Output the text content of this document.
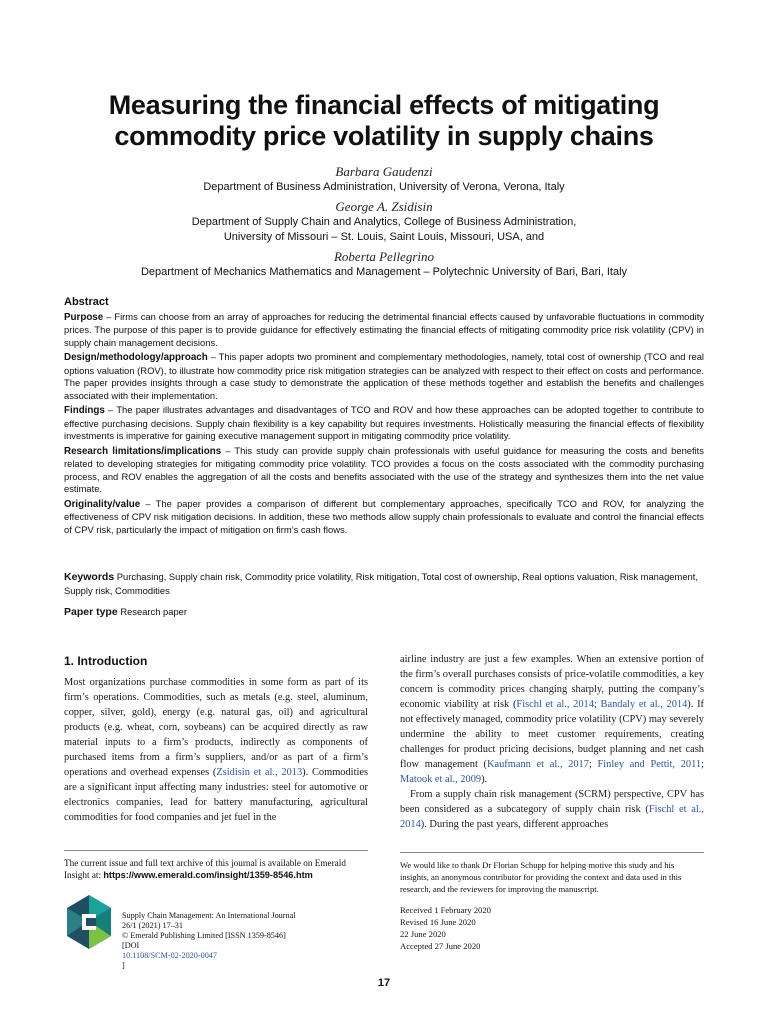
Measuring the financial effects of mitigating
commodity price volatility in supply chains
Barbara Gaudenzi
Department of Business Administration, University of Verona, Verona, Italy
George A. Zsidisin
Department of Supply Chain and Analytics, College of Business Administration,
University of Missouri – St. Louis, Saint Louis, Missouri, USA, and
Roberta Pellegrino
Department of Mechanics Mathematics and Management – Polytechnic University of Bari, Bari, Italy
Abstract

Purpose – Firms can choose from an array of approaches for reducing the detrimental financial effects caused by unfavorable fluctuations in commodity prices. The purpose of this paper is to provide guidance for effectively estimating the financial effects of mitigating commodity price risk volatility (CPV) in supply chain management decisions.

Design/methodology/approach – This paper adopts two prominent and complementary methodologies, namely, total cost of ownership (TCO and real options valuation (ROV), to illustrate how commodity price risk mitigation strategies can be analyzed with respect to their effect on costs and performance. The paper provides insights through a case study to demonstrate the application of these methods together and establish the benefits and challenges associated with their implementation.

Findings – The paper illustrates advantages and disadvantages of TCO and ROV and how these approaches can be adopted together to contribute to effective purchasing decisions. Supply chain flexibility is a key capability but requires investments. Holistically measuring the financial effects of flexibility investments is imperative for gaining executive management support in mitigating commodity price volatility.

Research limitations/implications – This study can provide supply chain professionals with useful guidance for measuring the costs and benefits related to developing strategies for mitigating commodity price volatility. TCO provides a focus on the costs associated with the commodity purchasing process, and ROV enables the aggregation of all the costs and benefits associated with the use of the strategy and synthesizes them into the net value estimate.

Originality/value – The paper provides a comparison of different but complementary approaches, specifically TCO and ROV, for analyzing the effectiveness of CPV risk mitigation decisions. In addition, these two methods allow supply chain professionals to evaluate and control the financial effects of CPV risk, particularly the impact of mitigation on firm’s cash flows.

Keywords Purchasing, Supply chain risk, Commodity price volatility, Risk mitigation, Total cost of ownership, Real options valuation, Risk management, Supply risk, Commodities
Paper type Research paper
1. Introduction

Most organizations purchase commodities in some form as part of its firm’s operations. Commodities, such as metals (e.g. steel, aluminum, copper, silver, gold), energy (e.g. natural gas, oil) and agricultural products (e.g. wheat, corn, soybeans) can be acquired directly as raw material inputs to a firm’s products, indirectly as components of purchased items from a firm’s suppliers, and/or as part of a firm’s operations and overhead expenses (Zsidisin et al., 2013). Commodities are a significant input affecting many industries: steel for automotive or electronics companies, lead for battery manufacturing, agricultural commodities for food companies and jet fuel in the

airline industry are just a few examples. When an extensive portion of the firm’s overall purchases consists of price-volatile commodities, a key concern is commodity prices changing sharply, putting the company’s economic viability at risk (Fischl et al., 2014; Bandaly et al., 2014). If not effectively managed, commodity price volatility (CPV) may severely undermine the ability to meet customer requirements, creating challenges for product pricing decisions, budget planning and net cash flow management (Kaufmann et al., 2017; Finley and Pettit, 2011; Matook et al., 2009).

From a supply chain risk management (SCRM) perspective, CPV has been considered as a subcategory of supply chain risk (Fischl et al., 2014). During the past years, different approaches

The current issue and full text archive of this journal is available on Emerald Insight at: https://www.emerald.com/insight/1359-8546.htm
Supply Chain Management: An International Journal
26/1 (2021) 17–31
© Emerald Publishing Limited [ISSN 1359-8546]
[DOI
10.1108/SCM-02-2020-0047
]
We would like to thank Dr Florian Schupp for helping motive this study and his insights, an anonymous contributor for providing the context and data used in this research, and the reviewers for improving the manuscript.
Received 1 February 2020
Revised 16 June 2020
22 June 2020
Accepted 27 June 2020
17
